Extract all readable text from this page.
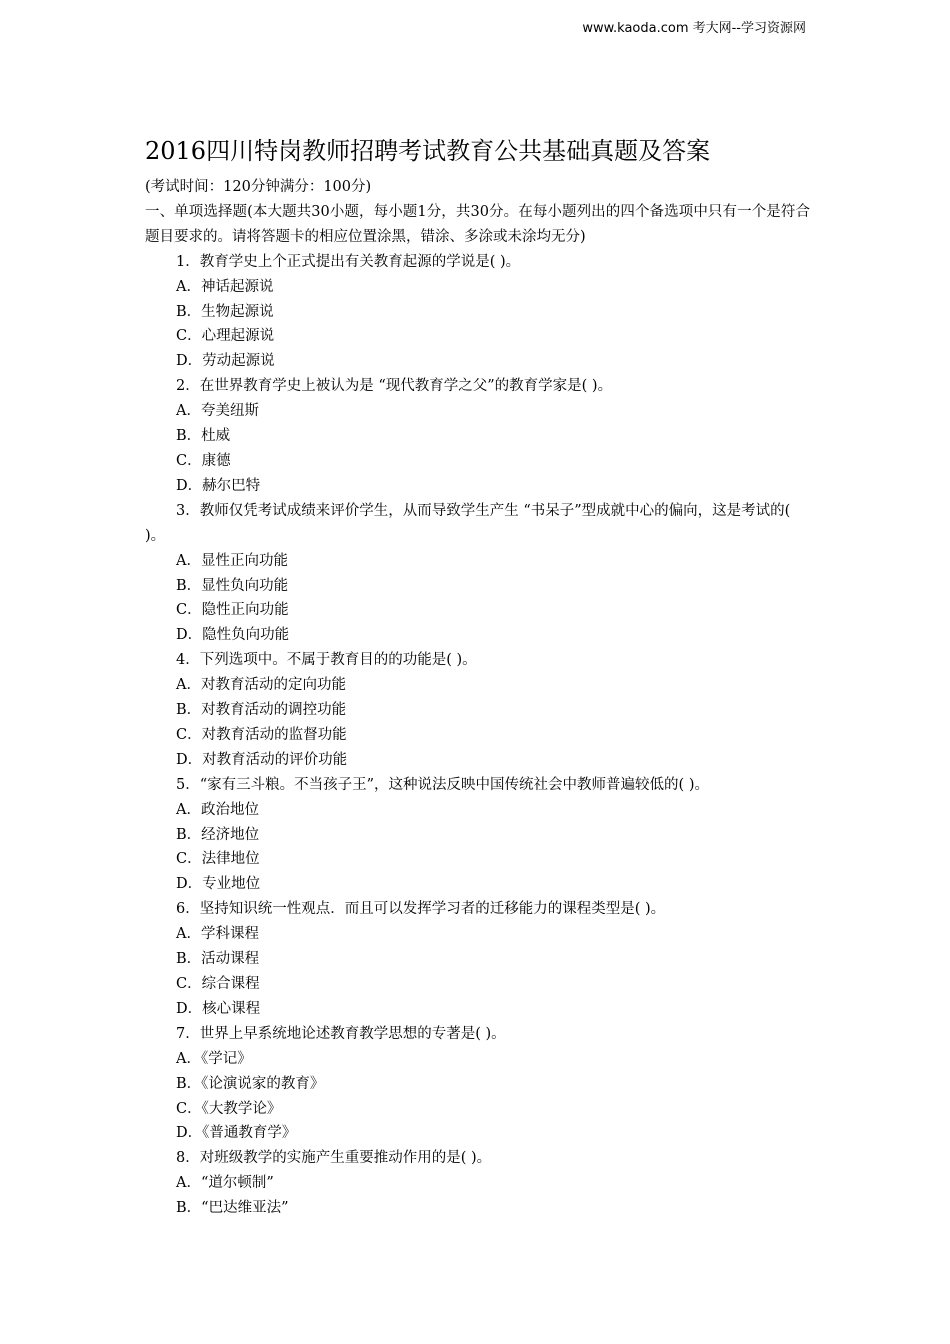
www.kaoda.com 考大网--学习资源网
2016四川特岗教师招聘考试教育公共基础真题及答案

(考试时间：120分钟满分：100分)

一、单项选择题(本大题共30小题，每小题1分，共30分。在每小题列出的四个备选项中只有一个是符合题目要求的。请将答题卡的相应位置涂黑，错涂、多涂或未涂均无分)

1．教育学史上个正式提出有关教育起源的学说是( )。

A．神话起源说

B．生物起源说

C．心理起源说

D．劳动起源说

2．在世界教育学史上被认为是 “现代教育学之父”的教育学家是( )。

A．夸美纽斯

B．杜威

C．康德

D．赫尔巴特

3．教师仅凭考试成绩来评价学生，从而导致学生产生 “书呆子”型成就中心的偏向，这是考试的( )。

A．显性正向功能

B．显性负向功能

C．隐性正向功能

D．隐性负向功能

4．下列选项中。不属于教育目的的功能是( )。

A．对教育活动的定向功能

B．对教育活动的调控功能

C．对教育活动的监督功能

D．对教育活动的评价功能

5．“家有三斗粮。不当孩子王”，这种说法反映中国传统社会中教师普遍较低的( )。

A．政治地位

B．经济地位

C．法律地位

D．专业地位

6．坚持知识统一性观点．而且可以发挥学习者的迁移能力的课程类型是( )。

A．学科课程

B．活动课程

C．综合课程

D．核心课程

7．世界上早系统地论述教育教学思想的专著是( )。

A．《学记》

B．《论演说家的教育》

C．《大教学论》

D．《普通教育学》

8．对班级教学的实施产生重要推动作用的是( )。

A．“道尔顿制”

B．“巴达维亚法”
